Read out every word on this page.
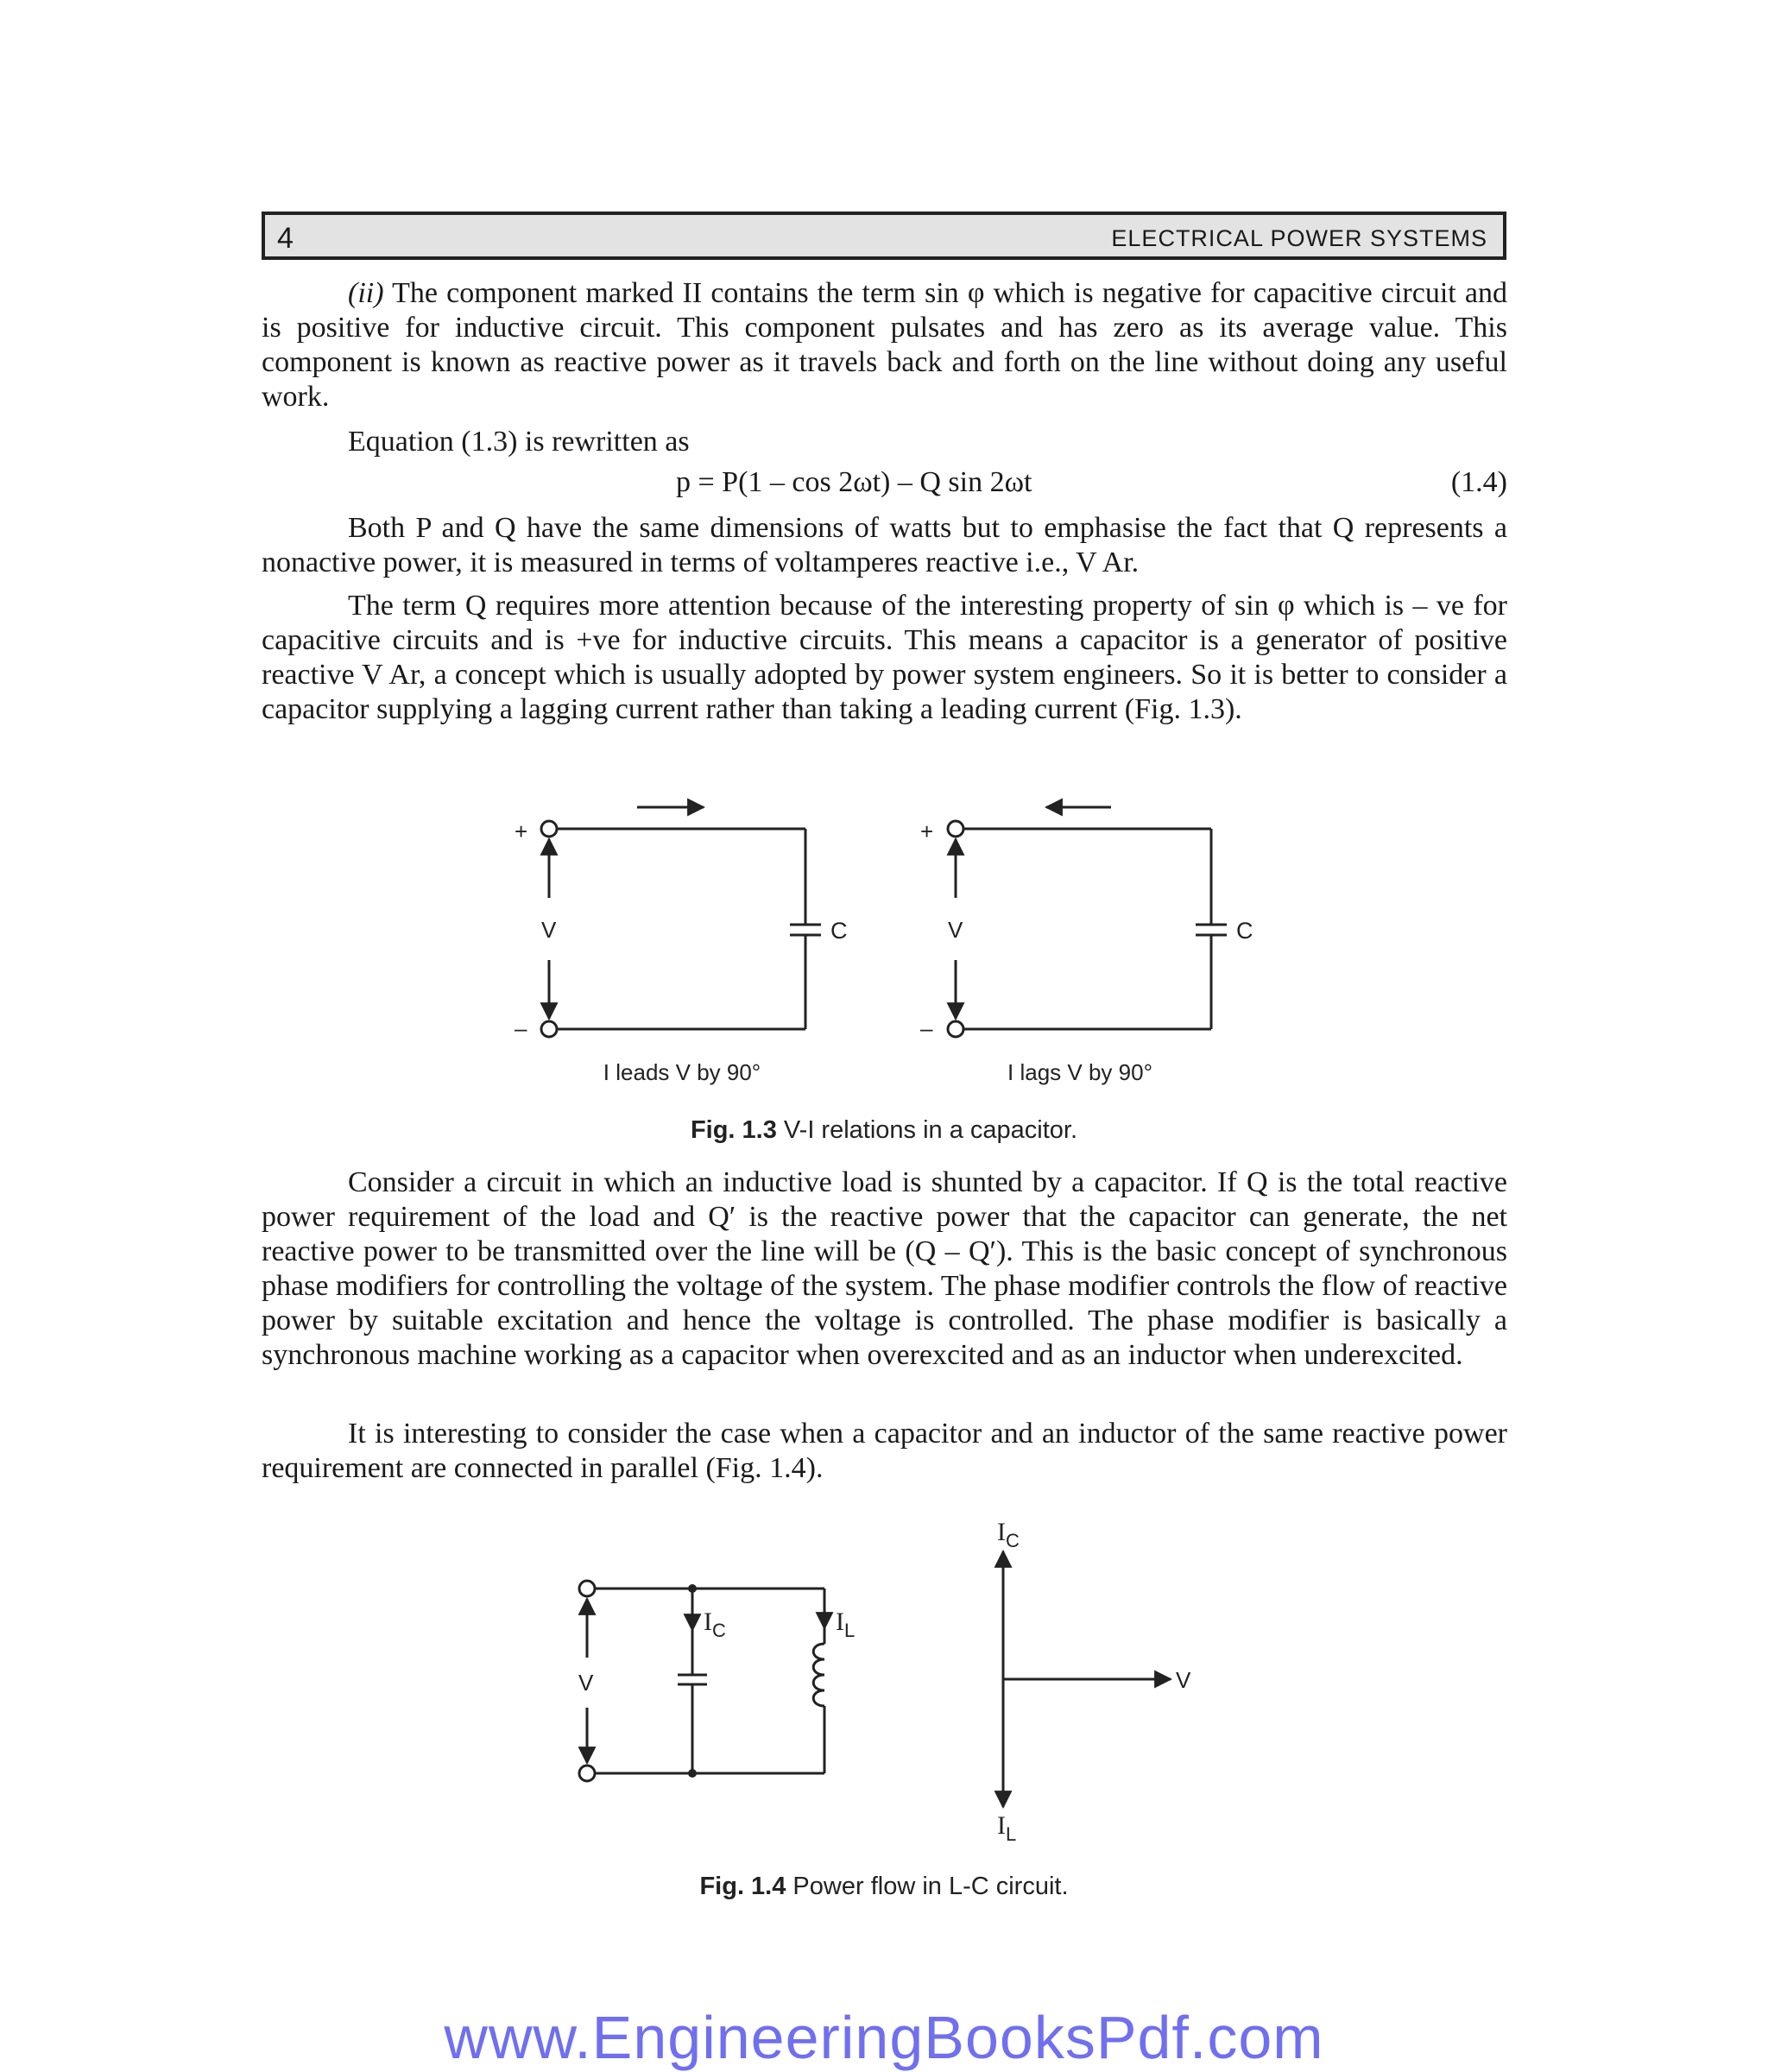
4	ELECTRICAL POWER SYSTEMS

(ii) The component marked II contains the term sin φ which is negative for capacitive circuit and is positive for inductive circuit. This component pulsates and has zero as its average value. This component is known as reactive power as it travels back and forth on the line without doing any useful work.

Equation (1.3) is rewritten as

p = P(1 – cos 2ωt) – Q sin 2ωt	(1.4)

Both P and Q have the same dimensions of watts but to emphasise the fact that Q represents a nonactive power, it is measured in terms of voltamperes reactive i.e., V Ar.

The term Q requires more attention because of the interesting property of sin φ which is – ve for capacitive circuits and is +ve for inductive circuits. This means a capacitor is a generator of positive reactive V Ar, a concept which is usually adopted by power system engineers. So it is better to consider a capacitor supplying a lagging current rather than taking a leading current (Fig. 1.3).

+
–
V	C
I leads V by 90°
+
–
V	C
I lags V by 90°
Fig. 1.3 V-I relations in a capacitor.

Consider a circuit in which an inductive load is shunted by a capacitor. If Q is the total reactive power requirement of the load and Q′ is the reactive power that the capacitor can generate, the net reactive power to be transmitted over the line will be (Q – Q′). This is the basic concept of synchronous phase modifiers for controlling the voltage of the system. The phase modifier controls the flow of reactive power by suitable excitation and hence the voltage is controlled. The phase modifier is basically a synchronous machine working as a capacitor when overexcited and as an inductor when underexcited.

It is interesting to consider the case when a capacitor and an inductor of the same reactive power requirement are connected in parallel (Fig. 1.4).

V
$I_C$	$I_L$
$I_C$
$I_L$
V
Fig. 1.4 Power flow in L-C circuit.
www.EngineeringBooksPdf.com
